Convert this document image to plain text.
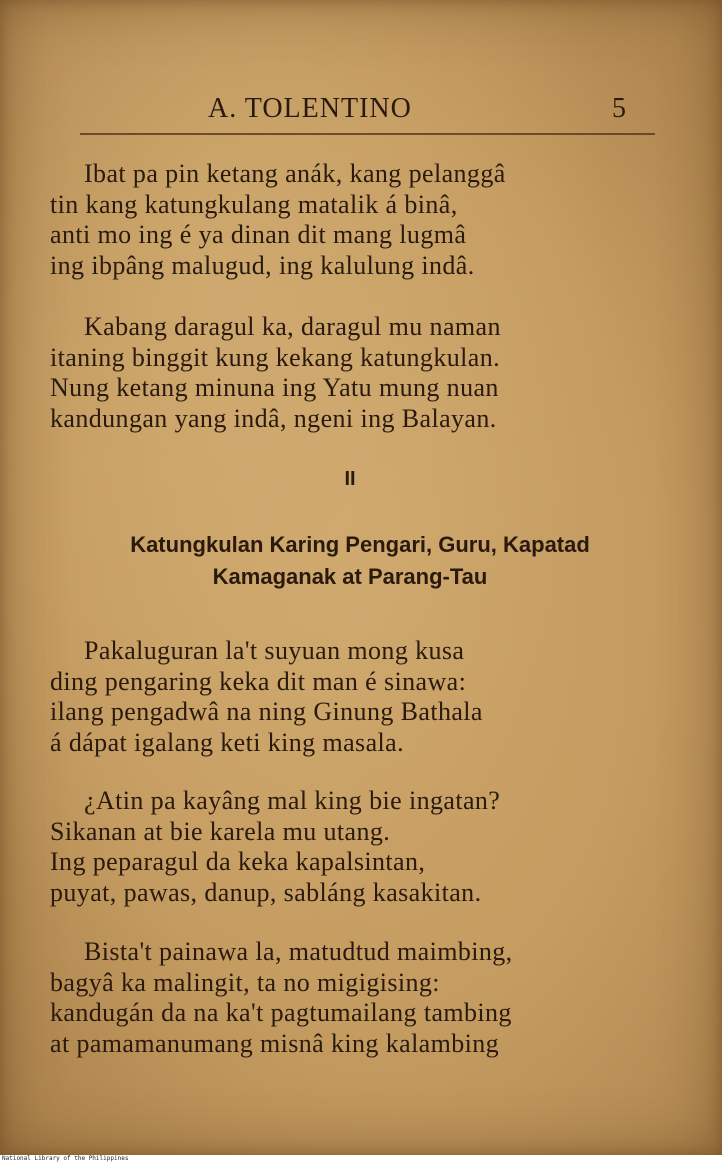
A. TOLENTINO	5
Ibat pa pin ketang anák, kang pelanggâ
tin kang katungkulang matalik á binâ,
anti mo ing é ya dinan dit mang lugmâ
ing ibpâng malugud, ing kalulung indâ.
Kabang daragul ka, daragul mu naman
itaning binggit kung kekang katungkulan.
Nung ketang minuna ing Yatu mung nuan
kandungan yang indâ, ngeni ing Balayan.
II
Katungkulan Karing Pengari, Guru, Kapatad
Kamaganak at Parang-Tau
Pakaluguran la't suyuan mong kusa
ding pengaring keka dit man é sinawa:
ilang pengadwâ na ning Ginung Bathala
á dápat igalang keti king masala.
¿Atin pa kayâng mal king bie ingatan?
Sikanan at bie karela mu utang.
Ing peparagul da keka kapalsintan,
puyat, pawas, danup, sabláng kasakitan.
Bista't painawa la, matudtud maimbing,
bagyâ ka malingit, ta no migigising:
kandugán da na ka't pagtumailang tambing
at pamamanumang misnâ king kalambing
National Library of the Philippines
